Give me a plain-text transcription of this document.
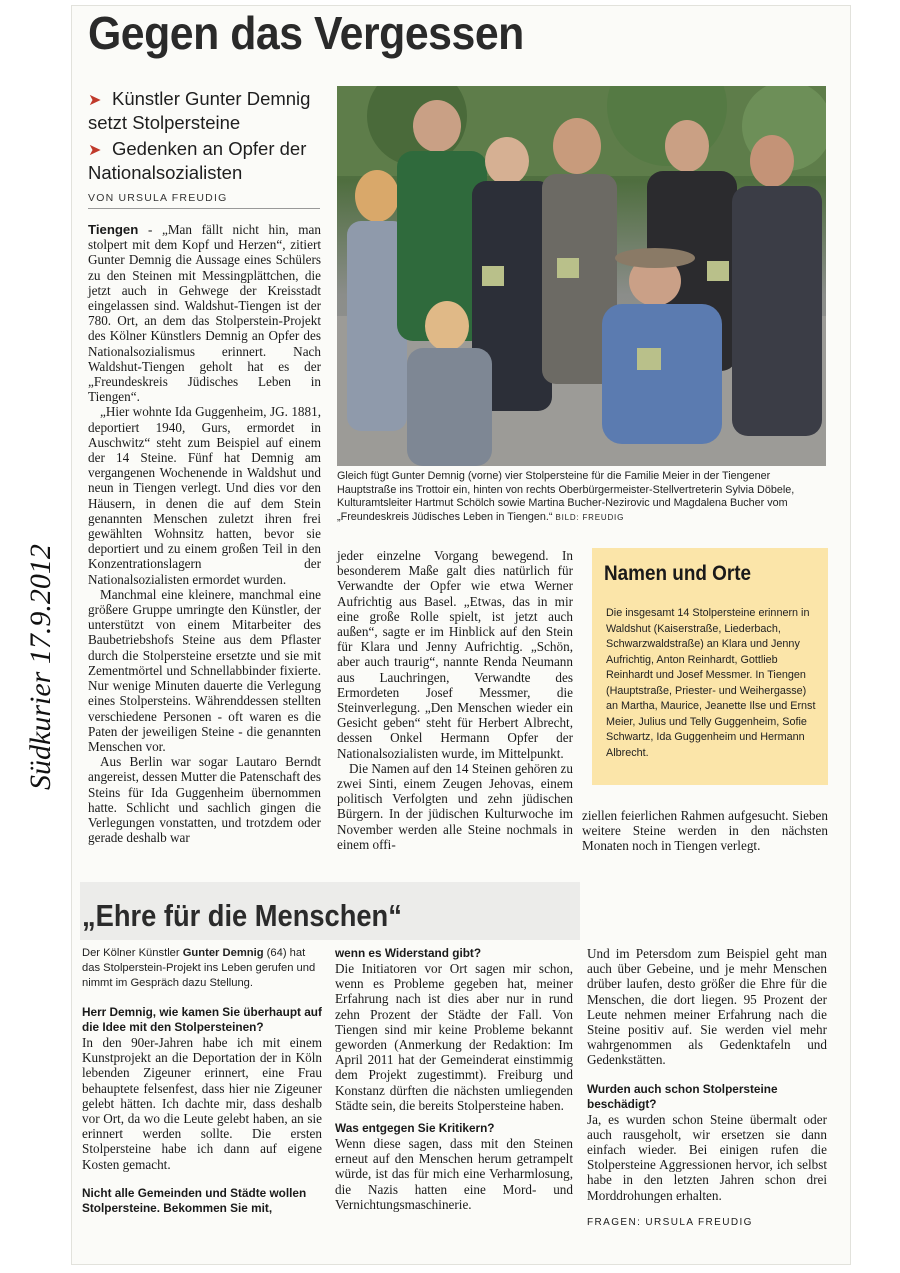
Südkurier 17.9.2012
Gegen das Vergessen
➤ Künstler Gunter Demnig setzt Stolpersteine
➤ Gedenken an Opfer der Nationalsozialisten
VON URSULA FREUDIG

Tiengen - „Man fällt nicht hin, man stolpert mit dem Kopf und Herzen“, zitiert Gunter Demnig die Aussage eines Schülers zu den Steinen mit Messingplättchen, die jetzt auch in Gehwege der Kreisstadt eingelassen sind. Waldshut-Tiengen ist der 780. Ort, an dem das Stolperstein-Projekt des Kölner Künstlers Demnig an Opfer des Nationalsozialismus erinnert. Nach Waldshut-Tiengen geholt hat es der „Freundeskreis Jüdisches Leben in Tiengen“.

„Hier wohnte Ida Guggenheim, JG. 1881, deportiert 1940, Gurs, ermordet in Auschwitz“ steht zum Beispiel auf einem der 14 Steine. Fünf hat Demnig am vergangenen Wochenende in Waldshut und neun in Tiengen verlegt. Und dies vor den Häusern, in denen die auf dem Stein genannten Menschen zuletzt ihren frei gewählten Wohnsitz hatten, bevor sie deportiert und zu einem großen Teil in den Konzentrationslagern der Nationalsozialisten ermordet wurden.

Manchmal eine kleinere, manchmal eine größere Gruppe umringte den Künstler, der unterstützt von einem Mitarbeiter des Baubetriebshofs Steine aus dem Pflaster durch die Stolpersteine ersetzte und sie mit Zementmörtel und Schnellabbinder fixierte. Nur wenige Minuten dauerte die Verlegung eines Stolpersteins. Währenddessen stellten verschiedene Personen - oft waren es die Paten der jeweiligen Steine - die genannten Menschen vor.

Aus Berlin war sogar Lautaro Berndt angereist, dessen Mutter die Patenschaft des Steins für Ida Guggenheim übernommen hatte. Schlicht und sachlich gingen die Verlegungen vonstatten, und trotzdem oder gerade deshalb war

Gleich fügt Gunter Demnig (vorne) vier Stolpersteine für die Familie Meier in der Tiengener Hauptstraße ins Trottoir ein, hinten von rechts Oberbürgermeister-Stellvertreterin Sylvia Döbele, Kulturamtsleiter Hartmut Schölch sowie Martina Bucher-Nezirovic und Magdalena Bucher vom „Freundeskreis Jüdisches Leben in Tiengen.“ BILD: FREUDIG

jeder einzelne Vorgang bewegend. In besonderem Maße galt dies natürlich für Verwandte der Opfer wie etwa Werner Aufrichtig aus Basel. „Etwas, das in mir eine große Rolle spielt, ist jetzt auch außen“, sagte er im Hinblick auf den Stein für Klara und Jenny Aufrichtig. „Schön, aber auch traurig“, nannte Renda Neumann aus Lauchringen, Verwandte des Ermordeten Josef Messmer, die Steinverlegung. „Den Menschen wieder ein Gesicht geben“ steht für Herbert Albrecht, dessen Onkel Hermann Opfer der Nationalsozialisten wurde, im Mittelpunkt.

Die Namen auf den 14 Steinen gehören zu zwei Sinti, einem Zeugen Jehovas, einem politisch Verfolgten und zehn jüdischen Bürgern. In der jüdischen Kulturwoche im November werden alle Steine nochmals in einem offi-

Namen und Orte
Die insgesamt 14 Stolpersteine erinnern in Waldshut (Kaiserstraße, Liederbach, Schwarzwaldstraße) an Klara und Jenny Aufrichtig, Anton Reinhardt, Gottlieb Reinhardt und Josef Messmer. In Tiengen (Hauptstraße, Priester- und Weihergasse) an Martha, Maurice, Jeanette Ilse und Ernst Meier, Julius und Telly Guggenheim, Sofie Schwartz, Ida Guggenheim und Hermann Albrecht.

ziellen feierlichen Rahmen aufgesucht. Sieben weitere Steine werden in den nächsten Monaten noch in Tiengen verlegt.

„Ehre für die Menschen“
Der Kölner Künstler Gunter Demnig (64) hat das Stolperstein-Projekt ins Leben gerufen und nimmt im Gespräch dazu Stellung.
Herr Demnig, wie kamen Sie überhaupt auf die Idee mit den Stolpersteinen?
In den 90er-Jahren habe ich mit einem Kunstprojekt an die Deportation der in Köln lebenden Zigeuner erinnert, eine Frau behauptete felsenfest, dass hier nie Zigeuner gelebt hätten. Ich dachte mir, dass deshalb vor Ort, da wo die Leute gelebt haben, an sie erinnert werden sollte. Die ersten Stolpersteine habe ich dann auf eigene Kosten gemacht.
Nicht alle Gemeinden und Städte wollen Stolpersteine. Bekommen Sie mit,
wenn es Widerstand gibt?
Die Initiatoren vor Ort sagen mir schon, wenn es Probleme gegeben hat, meiner Erfahrung nach ist dies aber nur in rund zehn Prozent der Städte der Fall. Von Tiengen sind mir keine Probleme bekannt geworden (Anmerkung der Redaktion: Im April 2011 hat der Gemeinderat einstimmig dem Projekt zugestimmt). Freiburg und Konstanz dürften die nächsten umliegenden Städte sein, die bereits Stolpersteine haben.
Was entgegen Sie Kritikern?
Wenn diese sagen, dass mit den Steinen erneut auf den Menschen herum getrampelt würde, ist das für mich eine Verharmlosung, die Nazis hatten eine Mord- und Vernichtungsmaschinerie.
Und im Petersdom zum Beispiel geht man auch über Gebeine, und je mehr Menschen drüber laufen, desto größer die Ehre für die Menschen, die dort liegen. 95 Prozent der Leute nehmen meiner Erfahrung nach die Steine positiv auf. Sie werden viel mehr wahrgenommen als Gedenktafeln und Gedenkstätten.
Wurden auch schon Stolpersteine beschädigt?
Ja, es wurden schon Steine übermalt oder auch rausgeholt, wir ersetzen sie dann einfach wieder. Bei einigen rufen die Stolpersteine Aggressionen hervor, ich selbst habe in den letzten Jahren schon drei Morddrohungen erhalten.
FRAGEN: URSULA FREUDIG
